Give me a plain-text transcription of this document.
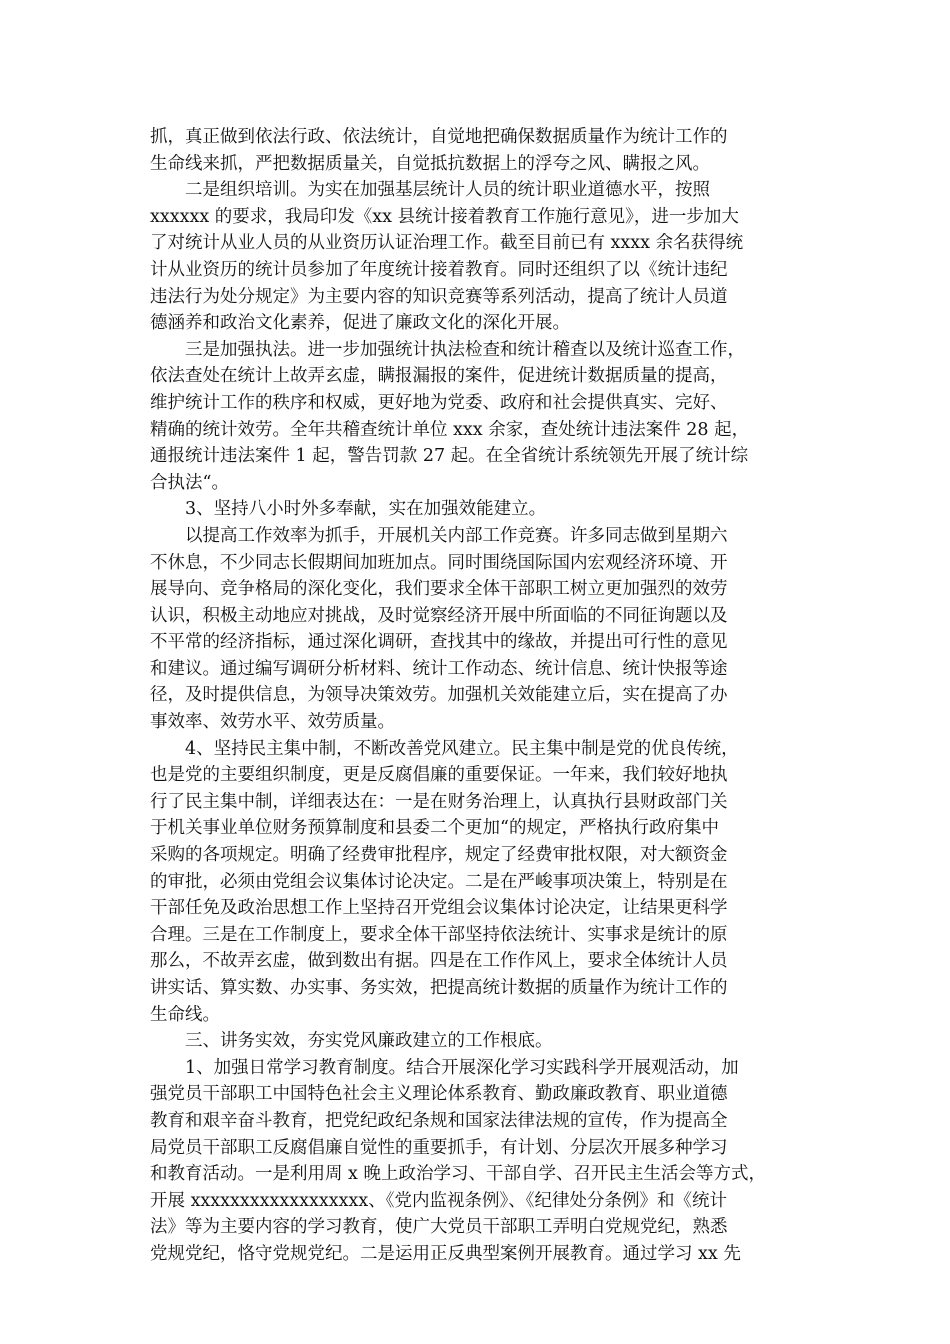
抓，真正做到依法行政、依法统计，自觉地把确保数据质量作为统计工作的

生命线来抓，严把数据质量关，自觉抵抗数据上的浮夸之风、瞒报之风。

　　二是组织培训。为实在加强基层统计人员的统计职业道德水平，按照

xxxxxx 的要求，我局印发《xx 县统计接着教育工作施行意见》，进一步加大

了对统计从业人员的从业资历认证治理工作。截至目前已有 xxxx 余名获得统

计从业资历的统计员参加了年度统计接着教育。同时还组织了以《统计违纪

违法行为处分规定》为主要内容的知识竞赛等系列活动，提高了统计人员道

德涵养和政治文化素养，促进了廉政文化的深化开展。

　　三是加强执法。进一步加强统计执法检查和统计稽查以及统计巡查工作，

依法查处在统计上故弄玄虚，瞒报漏报的案件，促进统计数据质量的提高，

维护统计工作的秩序和权威，更好地为党委、政府和社会提供真实、完好、

精确的统计效劳。全年共稽查统计单位 xxx 余家，查处统计违法案件 28 起，

通报统计违法案件 1 起，警告罚款 27 起。在全省统计系统领先开展了统计综

合执法“。

　　3、坚持八小时外多奉献，实在加强效能建立。

　　以提高工作效率为抓手，开展机关内部工作竞赛。许多同志做到星期六

不休息，不少同志长假期间加班加点。同时围绕国际国内宏观经济环境、开

展导向、竞争格局的深化变化，我们要求全体干部职工树立更加强烈的效劳

认识，积极主动地应对挑战，及时觉察经济开展中所面临的不同征询题以及

不平常的经济指标，通过深化调研，查找其中的缘故，并提出可行性的意见

和建议。通过编写调研分析材料、统计工作动态、统计信息、统计快报等途

径，及时提供信息，为领导决策效劳。加强机关效能建立后，实在提高了办

事效率、效劳水平、效劳质量。

　　4、坚持民主集中制，不断改善党风建立。民主集中制是党的优良传统，

也是党的主要组织制度，更是反腐倡廉的重要保证。一年来，我们较好地执

行了民主集中制，详细表达在：一是在财务治理上，认真执行县财政部门关

于机关事业单位财务预算制度和县委二个更加“的规定，严格执行政府集中

采购的各项规定。明确了经费审批程序，规定了经费审批权限，对大额资金

的审批，必须由党组会议集体讨论决定。二是在严峻事项决策上，特别是在

干部任免及政治思想工作上坚持召开党组会议集体讨论决定，让结果更科学

合理。三是在工作制度上，要求全体干部坚持依法统计、实事求是统计的原

那么，不故弄玄虚，做到数出有据。四是在工作作风上，要求全体统计人员

讲实话、算实数、办实事、务实效，把提高统计数据的质量作为统计工作的

生命线。

　　三、讲务实效，夯实党风廉政建立的工作根底。

　　1、加强日常学习教育制度。结合开展深化学习实践科学开展观活动，加

强党员干部职工中国特色社会主义理论体系教育、勤政廉政教育、职业道德

教育和艰辛奋斗教育，把党纪政纪条规和国家法律法规的宣传，作为提高全

局党员干部职工反腐倡廉自觉性的重要抓手，有计划、分层次开展多种学习

和教育活动。一是利用周 x 晚上政治学习、干部自学、召开民主生活会等方式，

开展 xxxxxxxxxxxxxxxxxx、《党内监视条例》、《纪律处分条例》和《统计

法》等为主要内容的学习教育，使广大党员干部职工弄明白党规党纪，熟悉

党规党纪，恪守党规党纪。二是运用正反典型案例开展教育。通过学习 xx 先
